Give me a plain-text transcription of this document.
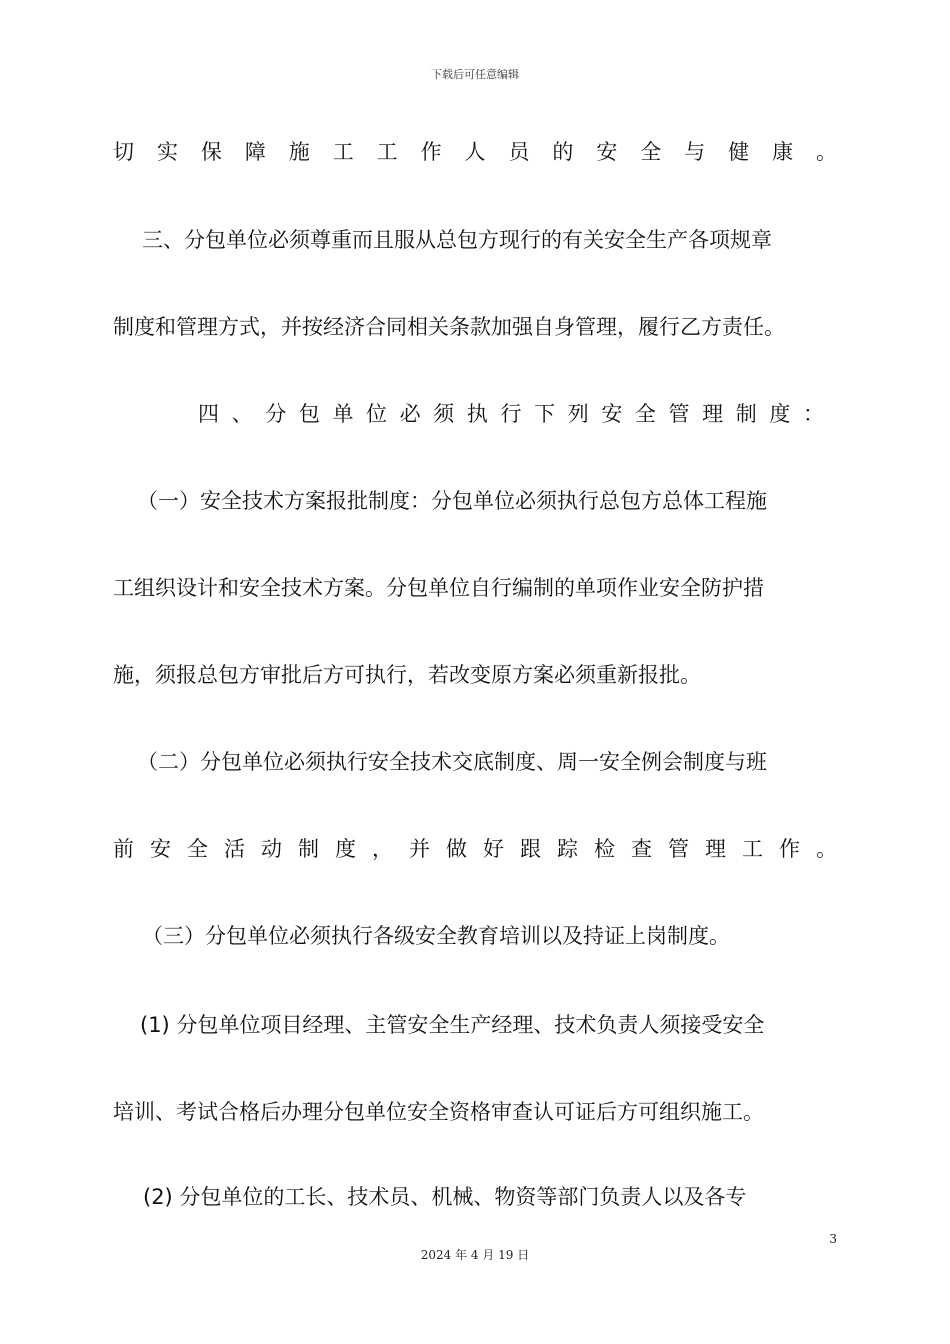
下载后可任意编辑
切 实 保 障 施 工 工 作 人 员 的 安 全 与 健 康 。
三、分包单位必须尊重而且服从总包方现行的有关安全生产各项规章
制度和管理方式，并按经济合同相关条款加强自身管理，履行乙方责任。
四 、 分 包 单 位 必 须 执 行 下 列 安 全 管 理 制 度 ：
（一）安全技术方案报批制度：分包单位必须执行总包方总体工程施
工组织设计和安全技术方案。分包单位自行编制的单项作业安全防护措
施，须报总包方审批后方可执行，若改变原方案必须重新报批。
（二）分包单位必须执行安全技术交底制度、周一安全例会制度与班
前 安 全 活 动 制 度 ， 并 做 好 跟 踪 检 查 管 理 工 作 。
（三）分包单位必须执行各级安全教育培训以及持证上岗制度。
(1) 分包单位项目经理、主管安全生产经理、技术负责人须接受安全
培训、考试合格后办理分包单位安全资格审查认可证后方可组织施工。
(2) 分包单位的工长、技术员、机械、物资等部门负责人以及各专
3
2024 年 4 月 19 日
